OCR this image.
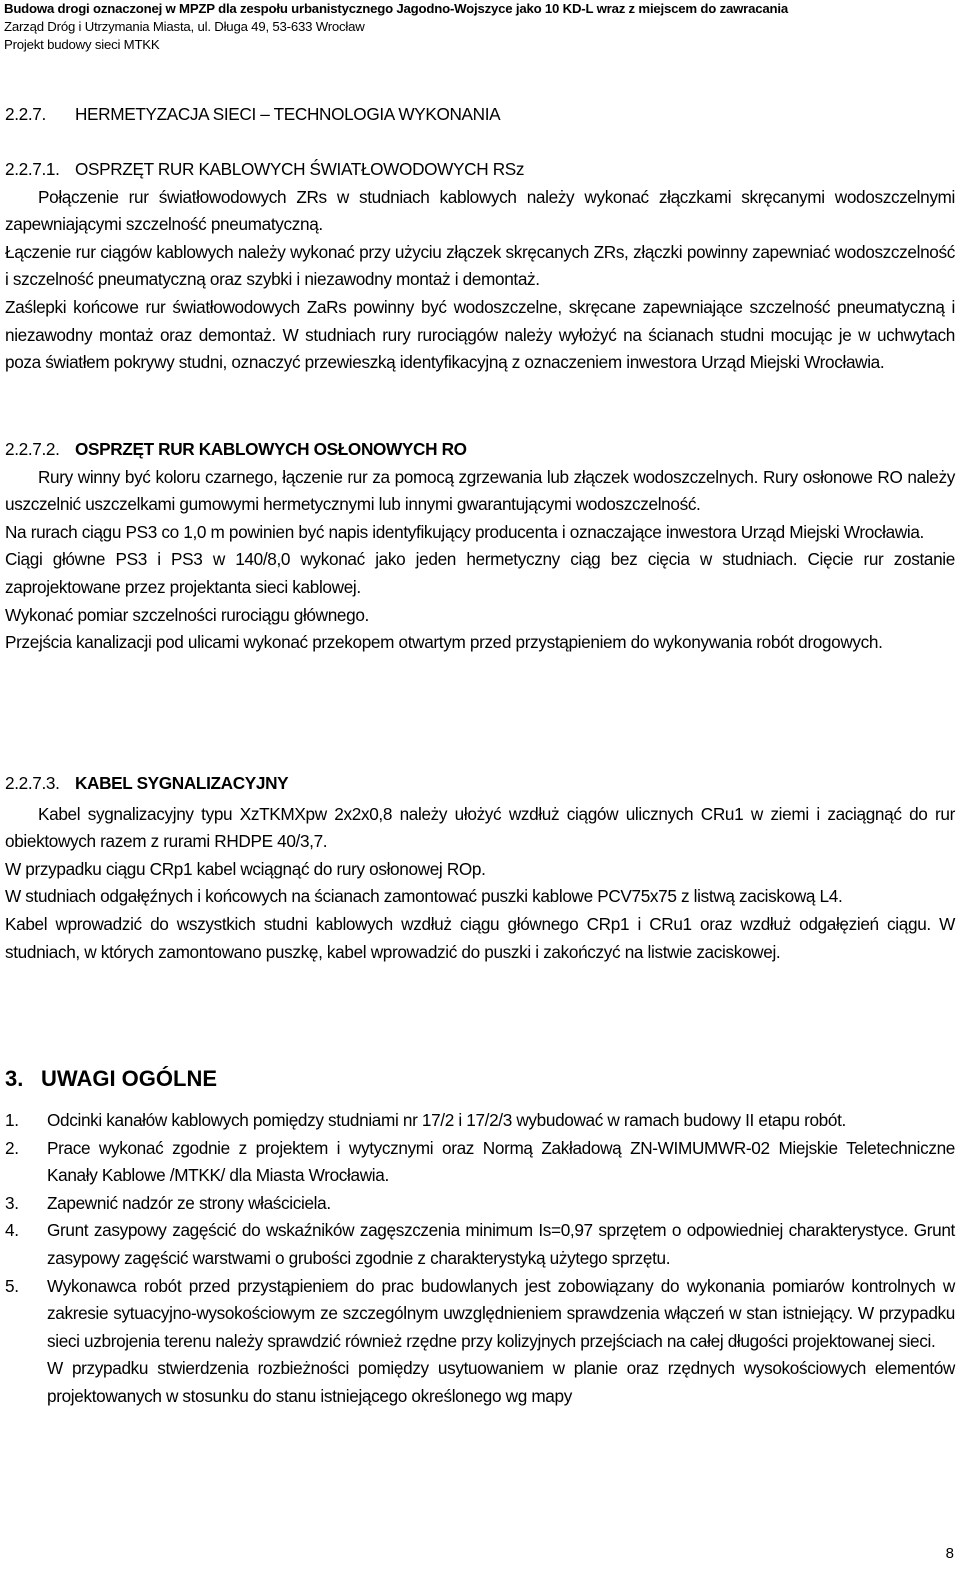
Budowa drogi oznaczonej w MPZP dla zespołu urbanistycznego Jagodno-Wojszyce jako 10 KD-L wraz z miejscem do zawracania
Zarząd Dróg i Utrzymania Miasta, ul. Długa 49, 53-633 Wrocław
Projekt budowy sieci MTKK
2.2.7. HERMETYZACJA SIECI – TECHNOLOGIA WYKONANIA
2.2.7.1. OSPRZĘT RUR KABLOWYCH ŚWIATŁOWODOWYCH RSz

Połączenie rur światłowodowych ZRs w studniach kablowych należy wykonać złączkami skręcanymi wodoszczelnymi zapewniającymi szczelność pneumatyczną.

Łączenie rur ciągów kablowych należy wykonać przy użyciu złączek skręcanych ZRs, złączki powinny zapewniać wodoszczelność i szczelność pneumatyczną oraz szybki i niezawodny montaż i demontaż.

Zaślepki końcowe rur światłowodowych ZaRs powinny być wodoszczelne, skręcane zapewniające szczelność pneumatyczną i niezawodny montaż oraz demontaż. W studniach rury rurociągów należy wyłożyć na ścianach studni mocując je w uchwytach poza światłem pokrywy studni, oznaczyć przewieszką identyfikacyjną z oznaczeniem inwestora Urząd Miejski Wrocławia.

2.2.7.2. OSPRZĘT RUR KABLOWYCH OSŁONOWYCH RO

Rury winny być koloru czarnego, łączenie rur za pomocą zgrzewania lub złączek wodoszczelnych. Rury osłonowe RO należy uszczelnić uszczelkami gumowymi hermetycznymi lub innymi gwarantującymi wodoszczelność.

Na rurach ciągu PS3 co 1,0 m powinien być napis identyfikujący producenta i oznaczające inwestora Urząd Miejski Wrocławia.

Ciągi główne PS3 i PS3 w 140/8,0 wykonać jako jeden hermetyczny ciąg bez cięcia w studniach. Cięcie rur zostanie zaprojektowane przez projektanta sieci kablowej.

Wykonać pomiar szczelności rurociągu głównego.

Przejścia kanalizacji pod ulicami wykonać przekopem otwartym przed przystąpieniem do wykonywania robót drogowych.

2.2.7.3. KABEL SYGNALIZACYJNY

Kabel sygnalizacyjny typu XzTKMXpw 2x2x0,8 należy ułożyć wzdłuż ciągów ulicznych CRu1 w ziemi i zaciągnąć do rur obiektowych razem z rurami RHDPE 40/3,7.

W przypadku ciągu CRp1 kabel wciągnąć do rury osłonowej ROp.

W studniach odgałęźnych i końcowych na ścianach zamontować puszki kablowe PCV75x75 z listwą zaciskową L4.

Kabel wprowadzić do wszystkich studni kablowych wzdłuż ciągu głównego CRp1 i CRu1 oraz wzdłuż odgałęzień ciągu. W studniach, w których zamontowano puszkę, kabel wprowadzić do puszki i zakończyć na listwie zaciskowej.

3. UWAGI OGÓLNE
1. Odcinki kanałów kablowych pomiędzy studniami nr 17/2 i 17/2/3 wybudować w ramach budowy II etapu robót.
2. Prace wykonać zgodnie z projektem i wytycznymi oraz Normą Zakładową ZN-WIMUMWR-02 Miejskie Teletechniczne Kanały Kablowe /MTKK/ dla Miasta Wrocławia.
3. Zapewnić nadzór ze strony właściciela.
4. Grunt zasypowy zagęścić do wskaźników zagęszczenia minimum Is=0,97 sprzętem o odpowiedniej charakterystyce. Grunt zasypowy zagęścić warstwami o grubości zgodnie z charakterystyką użytego sprzętu.
5. Wykonawca robót przed przystąpieniem do prac budowlanych jest zobowiązany do wykonania pomiarów kontrolnych w zakresie sytuacyjno-wysokościowym ze szczególnym uwzględnieniem sprawdzenia włączeń w stan istniejący. W przypadku sieci uzbrojenia terenu należy sprawdzić również rzędne przy kolizyjnych przejściach na całej długości projektowanej sieci.
W przypadku stwierdzenia rozbieżności pomiędzy usytuowaniem w planie oraz rzędnych wysokościowych elementów projektowanych w stosunku do stanu istniejącego określonego wg mapy
8
